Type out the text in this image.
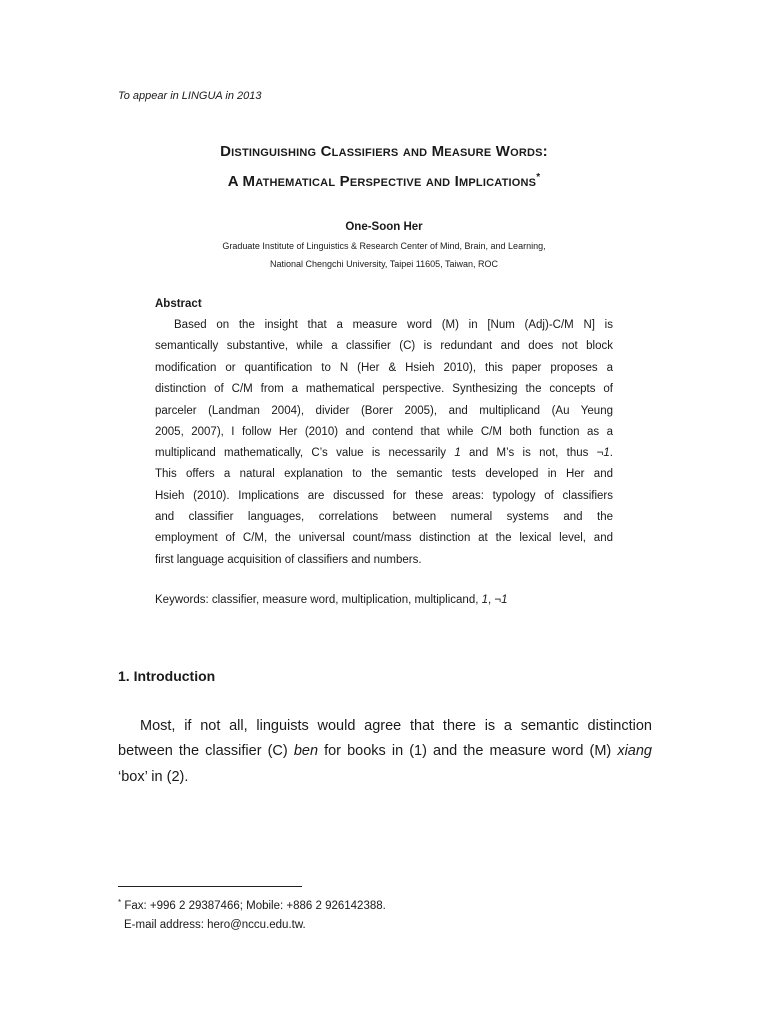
To appear in LINGUA in 2013
Distinguishing Classifiers and Measure Words:
A Mathematical Perspective and Implications*
One-Soon Her
Graduate Institute of Linguistics & Research Center of Mind, Brain, and Learning,
National Chengchi University, Taipei 11605, Taiwan, ROC
Abstract
Based on the insight that a measure word (M) in [Num (Adj)-C/M N] is
semantically substantive, while a classifier (C) is redundant and does not block
modification or quantification to N (Her & Hsieh 2010), this paper proposes a
distinction of C/M from a mathematical perspective. Synthesizing the concepts of
parceler (Landman 2004), divider (Borer 2005), and multiplicand (Au Yeung
2005, 2007), I follow Her (2010) and contend that while C/M both function as a
multiplicand mathematically, C’s value is necessarily 1 and M’s is not, thus ¬1.
This offers a natural explanation to the semantic tests developed in Her and
Hsieh (2010). Implications are discussed for these areas: typology of classifiers
and classifier languages, correlations between numeral systems and the
employment of C/M, the universal count/mass distinction at the lexical level, and
first language acquisition of classifiers and numbers.
Keywords: classifier, measure word, multiplication, multiplicand, 1, ¬1
1. Introduction
Most, if not all, linguists would agree that there is a semantic distinction
between the classifier (C) ben for books in (1) and the measure word (M) xiang
‘box’ in (2).
* Fax: +996 2 29387466; Mobile: +886 2 926142388.
E-mail address: hero@nccu.edu.tw.
